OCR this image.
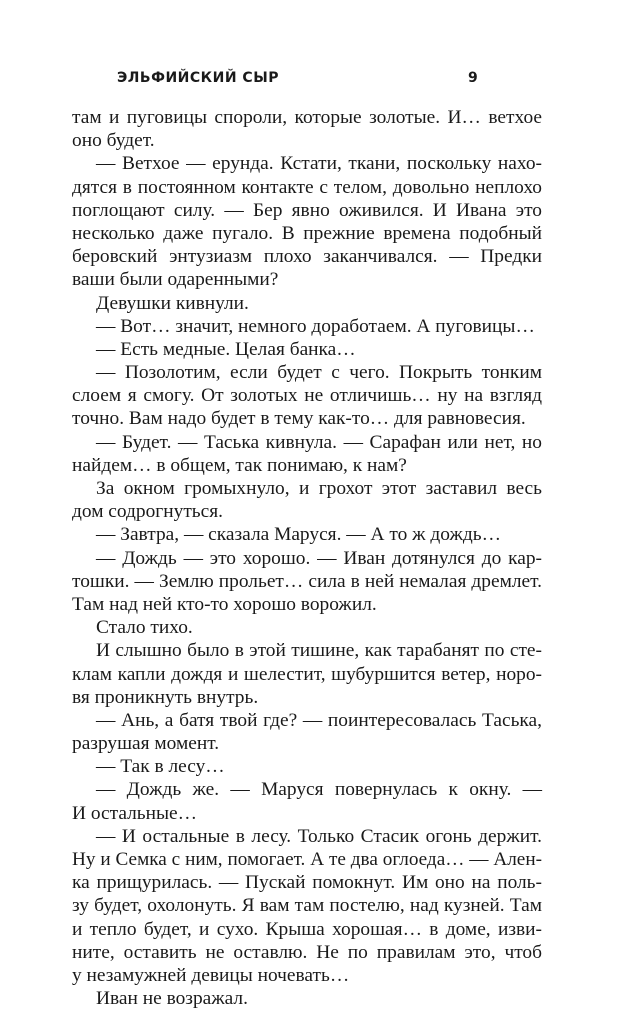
ЭЛЬФИЙСКИЙ СЫР	9
там и пуговицы спороли, которые золотые. И… ветхое
оно будет.
— Ветхое — ерунда. Кстати, ткани, поскольку нахо-
дятся в постоянном контакте с телом, довольно неплохо
поглощают силу. — Бер явно оживился. И Ивана это
несколько даже пугало. В прежние времена подобный
беровский энтузиазм плохо заканчивался. — Предки
ваши были одаренными?
Девушки кивнули.
— Вот… значит, немного доработаем. А пуговицы…
— Есть медные. Целая банка…
— Позолотим, если будет с чего. Покрыть тонким
слоем я смогу. От золотых не отличишь… ну на взгляд
точно. Вам надо будет в тему как-то… для равновесия.
— Будет. — Таська кивнула. — Сарафан или нет, но
найдем… в общем, так понимаю, к нам?
За окном громыхнуло, и грохот этот заставил весь
дом содрогнуться.
— Завтра, — сказала Маруся. — А то ж дождь…
— Дождь — это хорошо. — Иван дотянулся до кар-
тошки. — Землю прольет… сила в ней немалая дремлет.
Там над ней кто-то хорошо ворожил.
Стало тихо.
И слышно было в этой тишине, как тарабанят по сте-
клам капли дождя и шелестит, шубуршится ветер, норо-
вя проникнуть внутрь.
— Ань, а батя твой где? — поинтересовалась Таська,
разрушая момент.
— Так в лесу…
— Дождь же. — Маруся повернулась к окну. —
И остальные…
— И остальные в лесу. Только Стасик огонь держит.
Ну и Семка с ним, помогает. А те два оглоеда… — Ален-
ка прищурилась. — Пускай помокнут. Им оно на поль-
зу будет, охолонуть. Я вам там постелю, над кузней. Там
и тепло будет, и сухо. Крыша хорошая… в доме, изви-
ните, оставить не оставлю. Не по правилам это, чтоб
у незамужней девицы ночевать…
Иван не возражал.
